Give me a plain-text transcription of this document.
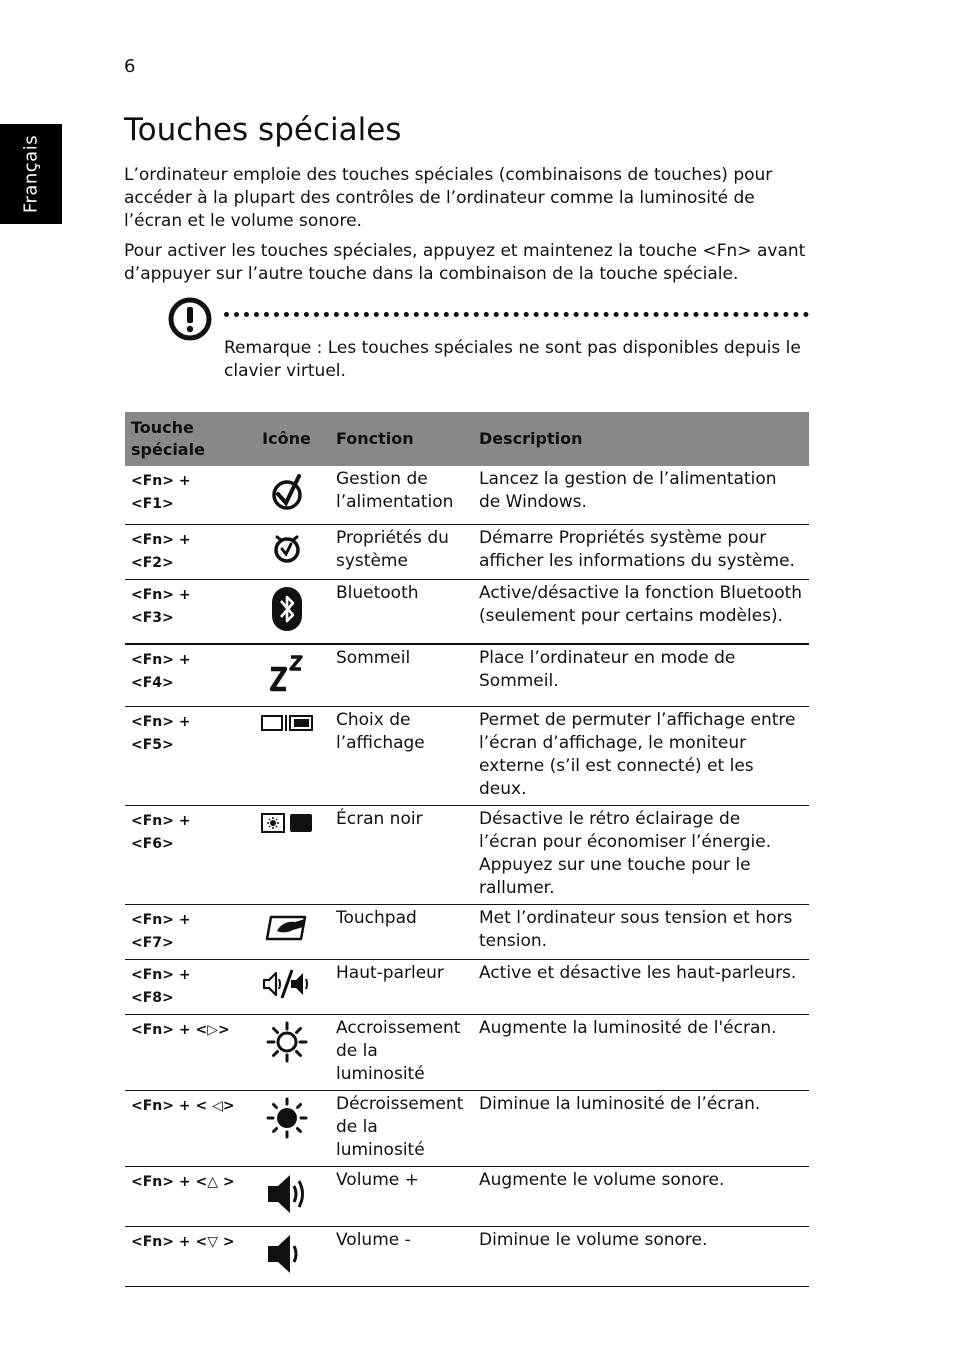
6
Français
Touches spéciales

L’ordinateur emploie des touches spéciales (combinaisons de touches) pour accéder à la plupart des contrôles de l’ordinateur comme la luminosité de l’écran et le volume sonore.

Pour activer les touches spéciales, appuyez et maintenez la touche <Fn> avant d’appuyer sur l’autre touche dans la combinaison de la touche spéciale.

Remarque : Les touches spéciales ne sont pas disponibles depuis le clavier virtuel.

Touche spéciale	Icône	Fonction	Description
<Fn> + <F1>		Gestion de l’alimentation	Lancez la gestion de l’alimentation de Windows.
<Fn> + <F2>		Propriétés du système	Démarre Propriétés système pour afficher les informations du système.
<Fn> + <F3>		Bluetooth	Active/désactive la fonction Bluetooth (seulement pour certains modèles).
<Fn> + <F4>		Sommeil	Place l’ordinateur en mode de Sommeil.
<Fn> + <F5>		Choix de l’affichage	Permet de permuter l’affichage entre l’écran d’affichage, le moniteur externe (s’il est connecté) et les deux.
<Fn> + <F6>		Écran noir	Désactive le rétro éclairage de l’écran pour économiser l’énergie. Appuyez sur une touche pour le rallumer.
<Fn> + <F7>		Touchpad	Met l’ordinateur sous tension et hors tension.
<Fn> + <F8>		Haut-parleur	Active et désactive les haut-parleurs.
<Fn> + <▷>		Accroissement de la luminosité	Augmente la luminosité de l'écran.
<Fn> + < ◁>		Décroissement de la luminosité	Diminue la luminosité de l’écran.
<Fn> + <△ >		Volume +	Augmente le volume sonore.
<Fn> + <▽ >		Volume -	Diminue le volume sonore.
